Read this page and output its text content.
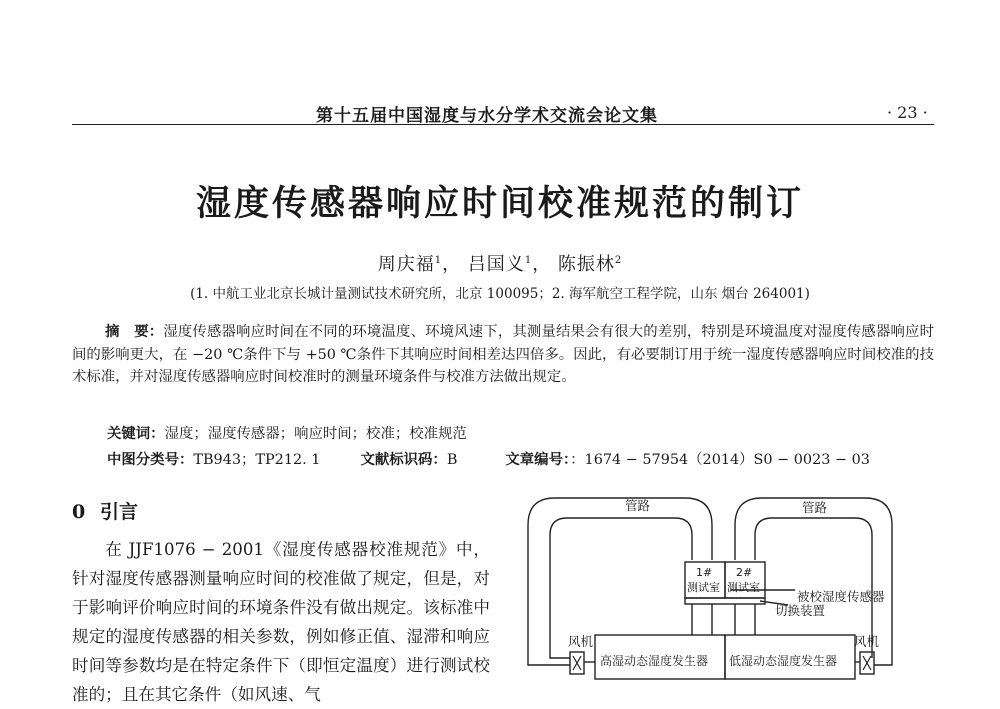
第十五届中国湿度与水分学术交流会论文集	· 23 ·
湿度传感器响应时间校准规范的制订
周庆福$^1$， 吕国义$^1$， 陈振林$^2$
(1. 中航工业北京长城计量测试技术研究所，北京 100095；2. 海军航空工程学院，山东 烟台 264001)
摘　要：湿度传感器响应时间在不同的环境温度、环境风速下，其测量结果会有很大的差别，特别是环境温度对湿度传感器响应时间的影响更大，在 −20 ℃条件下与 +50 ℃条件下其响应时间相差达四倍多。因此，有必要制订用于统一湿度传感器响应时间校准的技术标准，并对湿度传感器响应时间校准时的测量环境条件与校准方法做出规定。
关键词：湿度；湿度传感器；响应时间；校准；校准规范
中图分类号：TB943；TP212. 1	文献标识码：B	文章编号：：1674 − 57954（2014）S0 − 0023 − 03
0 引言
在 JJF1076 − 2001《湿度传感器校准规范》中，针对湿度传感器测量响应时间的校准做了规定，但是，对于影响评价响应时间的环境条件没有做出规定。该标准中规定的湿度传感器的相关参数，例如修正值、湿滞和响应时间等参数均是在特定条件下（即恒定温度）进行测试校准的；且在其它条件（如风速、气
管路	管路
1#
测试室
2#
测试室
被校湿度传感器
切换装置
风机	风机
高湿动态湿度发生器 低湿动态湿度发生器
